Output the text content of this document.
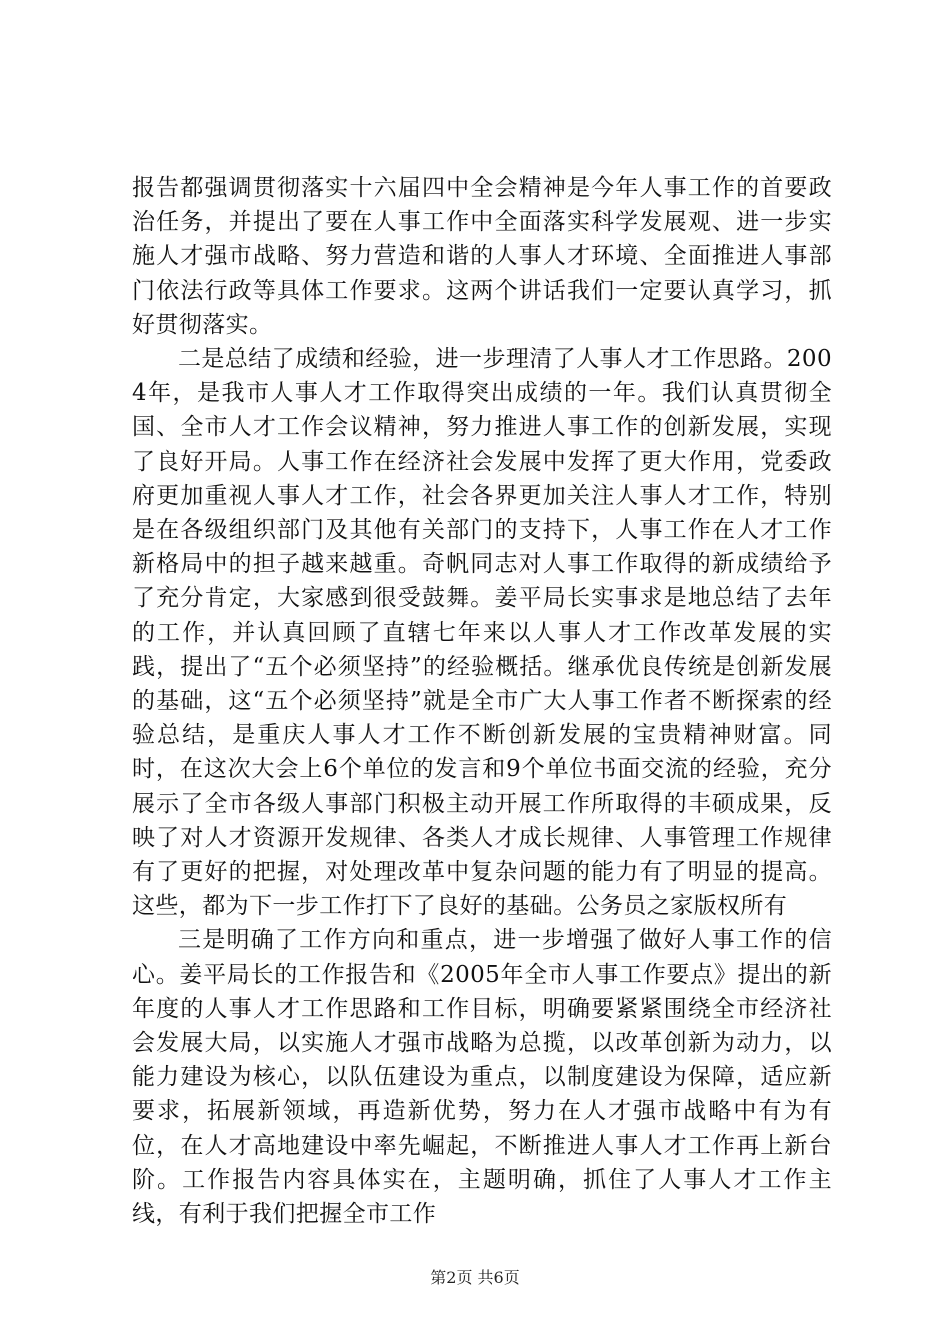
报告都强调贯彻落实十六届四中全会精神是今年人事工作的首要政治任务，并提出了要在人事工作中全面落实科学发展观、进一步实施人才强市战略、努力营造和谐的人事人才环境、全面推进人事部门依法行政等具体工作要求。这两个讲话我们一定要认真学习，抓好贯彻落实。

二是总结了成绩和经验，进一步理清了人事人才工作思路。2004年，是我市人事人才工作取得突出成绩的一年。我们认真贯彻全国、全市人才工作会议精神，努力推进人事工作的创新发展，实现了良好开局。人事工作在经济社会发展中发挥了更大作用，党委政府更加重视人事人才工作，社会各界更加关注人事人才工作，特别是在各级组织部门及其他有关部门的支持下，人事工作在人才工作新格局中的担子越来越重。奇帆同志对人事工作取得的新成绩给予了充分肯定，大家感到很受鼓舞。姜平局长实事求是地总结了去年的工作，并认真回顾了直辖七年来以人事人才工作改革发展的实践，提出了“五个必须坚持”的经验概括。继承优良传统是创新发展的基础，这“五个必须坚持”就是全市广大人事工作者不断探索的经验总结，是重庆人事人才工作不断创新发展的宝贵精神财富。同时，在这次大会上6个单位的发言和9个单位书面交流的经验，充分展示了全市各级人事部门积极主动开展工作所取得的丰硕成果，反映了对人才资源开发规律、各类人才成长规律、人事管理工作规律有了更好的把握，对处理改革中复杂问题的能力有了明显的提高。这些，都为下一步工作打下了良好的基础。公务员之家版权所有

三是明确了工作方向和重点，进一步增强了做好人事工作的信心。姜平局长的工作报告和《2005年全市人事工作要点》提出的新年度的人事人才工作思路和工作目标，明确要紧紧围绕全市经济社会发展大局，以实施人才强市战略为总揽，以改革创新为动力，以能力建设为核心，以队伍建设为重点，以制度建设为保障，适应新要求，拓展新领域，再造新优势，努力在人才强市战略中有为有位，在人才高地建设中率先崛起，不断推进人事人才工作再上新台阶。工作报告内容具体实在，主题明确，抓住了人事人才工作主线，有利于我们把握全市工作

第2页 共6页
